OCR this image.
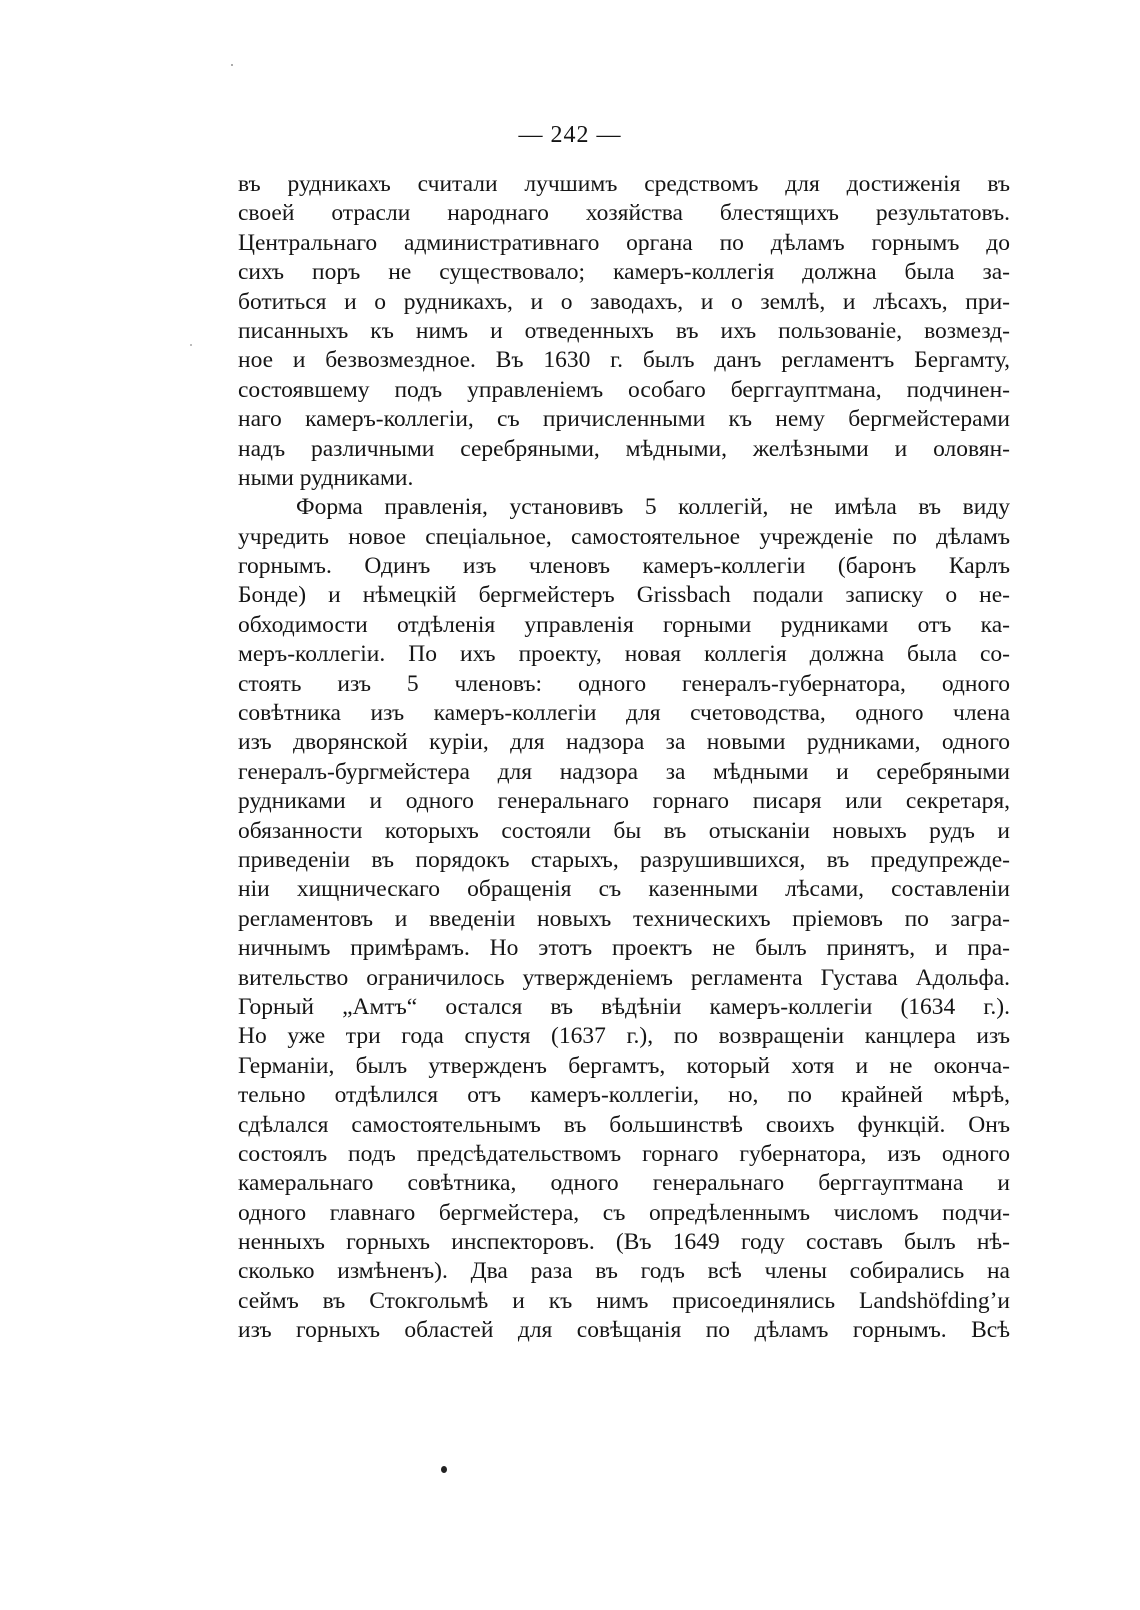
— 242 —
въ рудникахъ считали лучшимъ средствомъ для достиженія въ
своей отрасли народнаго хозяйства блестящихъ результатовъ.
Центральнаго административнаго органа по дѣламъ горнымъ до
сихъ поръ не существовало; камеръ-коллегія должна была за-
ботиться и о рудникахъ, и о заводахъ, и о землѣ, и лѣсахъ, при-
писанныхъ къ нимъ и отведенныхъ въ ихъ пользованіе, возмезд-
ное и безвозмездное. Въ 1630 г. былъ данъ регламентъ Бергамту,
состоявшему подъ управленіемъ особаго берггауптмана, подчинен-
наго камеръ-коллегіи, съ причисленными къ нему бергмейстерами
надъ различными серебряными, мѣдными, желѣзными и оловян-
ными рудниками.
Форма правленія, установивъ 5 коллегій, не имѣла въ виду
учредить новое спеціальное, самостоятельное учрежденіе по дѣламъ
горнымъ. Одинъ изъ членовъ камеръ-коллегіи (баронъ Карлъ
Бонде) и нѣмецкій бергмейстеръ Grissbach подали записку о не-
обходимости отдѣленія управленія горными рудниками отъ ка-
меръ-коллегіи. По ихъ проекту, новая коллегія должна была со-
стоять изъ 5 членовъ: одного генералъ-губернатора, одного
совѣтника изъ камеръ-коллегіи для счетоводства, одного члена
изъ дворянской куріи, для надзора за новыми рудниками, одного
генералъ-бургмейстера для надзора за мѣдными и серебряными
рудниками и одного генеральнаго горнаго писаря или секретаря,
обязанности которыхъ состояли бы въ отысканіи новыхъ рудъ и
приведеніи въ порядокъ старыхъ, разрушившихся, въ предупрежде-
ніи хищническаго обращенія съ казенными лѣсами, составленіи
регламентовъ и введеніи новыхъ техническихъ пріемовъ по загра-
ничнымъ примѣрамъ. Но этотъ проектъ не былъ принятъ, и пра-
вительство ограничилось утвержденіемъ регламента Густава Адольфа.
Горный „Амтъ“ остался въ вѣдѣніи камеръ-коллегіи (1634 г.).
Но уже три года спустя (1637 г.), по возвращеніи канцлера изъ
Германіи, былъ утвержденъ бергамтъ, который хотя и не оконча-
тельно отдѣлился отъ камеръ-коллегіи, но, по крайней мѣрѣ,
сдѣлался самостоятельнымъ въ большинствѣ своихъ функцій. Онъ
состоялъ подъ предсѣдательствомъ горнаго губернатора, изъ одного
камеральнаго совѣтника, одного генеральнаго берггауптмана и
одного главнаго бергмейстера, съ опредѣленнымъ числомъ подчи-
ненныхъ горныхъ инспекторовъ. (Въ 1649 году составъ былъ нѣ-
сколько измѣненъ). Два раза въ годъ всѣ члены собирались на
сеймъ въ Стокгольмѣ и къ нимъ присоединялись Landshöfding’и
изъ горныхъ областей для совѣщанія по дѣламъ горнымъ. Всѣ
